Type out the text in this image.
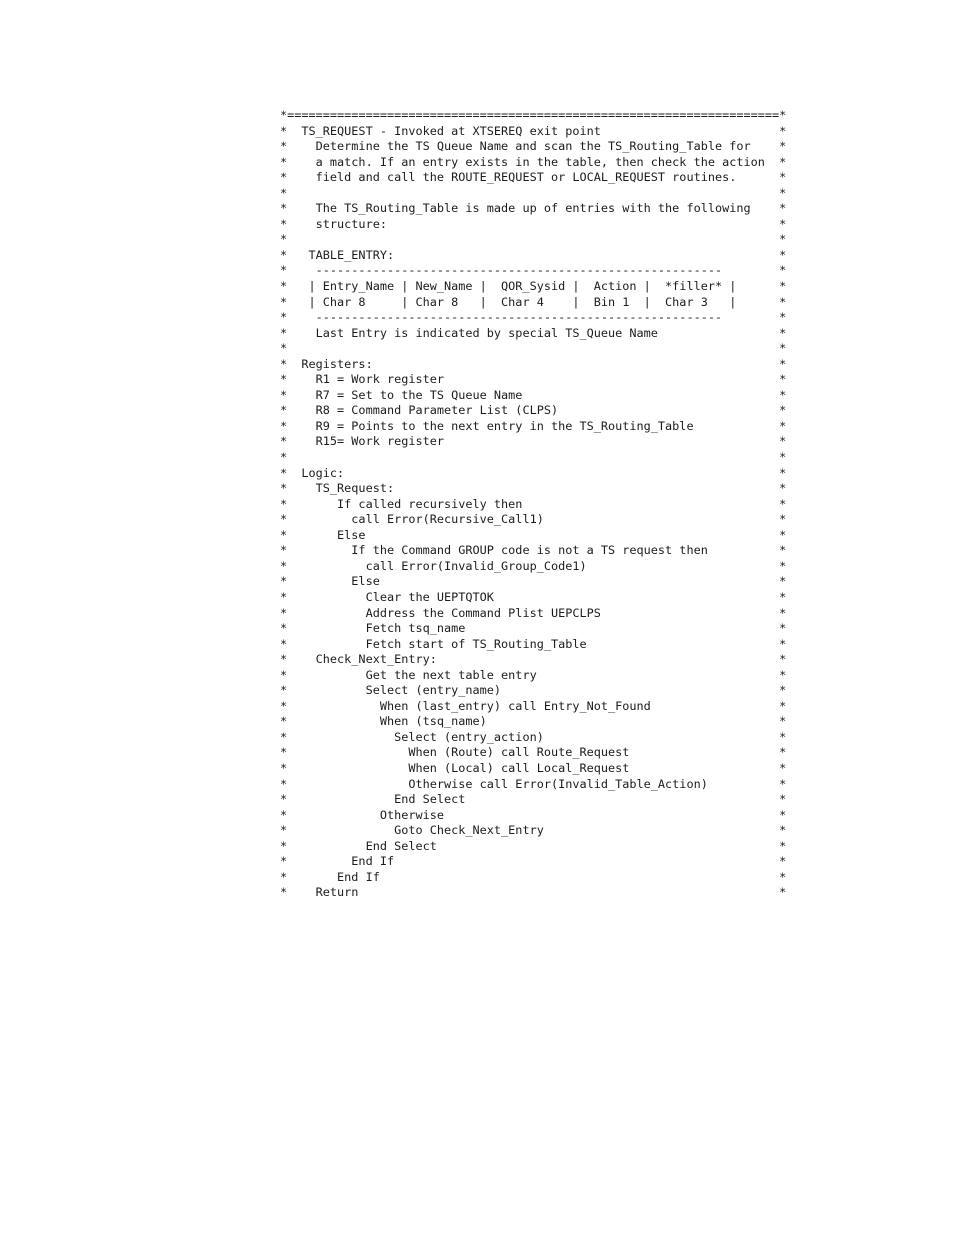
*=====================================================================*
*  TS_REQUEST - Invoked at XTSEREQ exit point                         *
*    Determine the TS Queue Name and scan the TS_Routing_Table for    *
*    a match. If an entry exists in the table, then check the action  *
*    field and call the ROUTE_REQUEST or LOCAL_REQUEST routines.      *
*                                                                     *
*    The TS_Routing_Table is made up of entries with the following    *
*    structure:                                                       *
*                                                                     *
*   TABLE_ENTRY:                                                      *
*    ---------------------------------------------------------        *
*   | Entry_Name | New_Name |  QOR_Sysid |  Action |  *filler* |      *
*   | Char 8     | Char 8   |  Char 4    |  Bin 1  |  Char 3   |      *
*    ---------------------------------------------------------        *
*    Last Entry is indicated by special TS_Queue Name                 *
*                                                                     *
*  Registers:                                                         *
*    R1 = Work register                                               *
*    R7 = Set to the TS Queue Name                                    *
*    R8 = Command Parameter List (CLPS)                               *
*    R9 = Points to the next entry in the TS_Routing_Table            *
*    R15= Work register                                               *
*                                                                     *
*  Logic:                                                             *
*    TS_Request:                                                      *
*       If called recursively then                                    *
*         call Error(Recursive_Call1)                                 *
*       Else                                                          *
*         If the Command GROUP code is not a TS request then          *
*           call Error(Invalid_Group_Code1)                           *
*         Else                                                        *
*           Clear the UEPTQTOK                                        *
*           Address the Command Plist UEPCLPS                         *
*           Fetch tsq_name                                            *
*           Fetch start of TS_Routing_Table                           *
*    Check_Next_Entry:                                                *
*           Get the next table entry                                  *
*           Select (entry_name)                                       *
*             When (last_entry) call Entry_Not_Found                  *
*             When (tsq_name)                                         *
*               Select (entry_action)                                 *
*                 When (Route) call Route_Request                     *
*                 When (Local) call Local_Request                     *
*                 Otherwise call Error(Invalid_Table_Action)          *
*               End Select                                            *
*             Otherwise                                               *
*               Goto Check_Next_Entry                                 *
*           End Select                                                *
*         End If                                                      *
*       End If                                                        *
*    Return                                                           *
